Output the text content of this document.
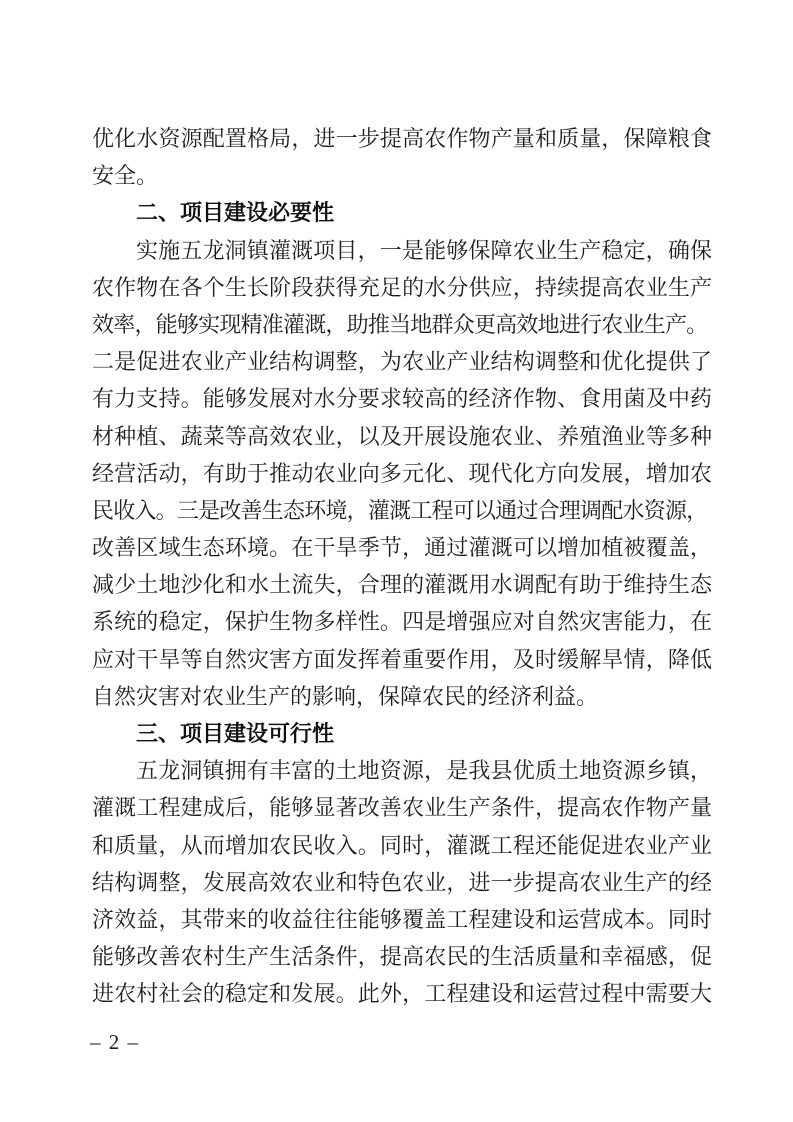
优化水资源配置格局，进一步提高农作物产量和质量，保障粮食
安全。
二、项目建设必要性
实施五龙洞镇灌溉项目，一是能够保障农业生产稳定，确保
农作物在各个生长阶段获得充足的水分供应，持续提高农业生产
效率，能够实现精准灌溉，助推当地群众更高效地进行农业生产。
二是促进农业产业结构调整，为农业产业结构调整和优化提供了
有力支持。能够发展对水分要求较高的经济作物、食用菌及中药
材种植、蔬菜等高效农业，以及开展设施农业、养殖渔业等多种
经营活动，有助于推动农业向多元化、现代化方向发展，增加农
民收入。三是改善生态环境，灌溉工程可以通过合理调配水资源，
改善区域生态环境。在干旱季节，通过灌溉可以增加植被覆盖，
减少土地沙化和水土流失，合理的灌溉用水调配有助于维持生态
系统的稳定，保护生物多样性。四是增强应对自然灾害能力，在
应对干旱等自然灾害方面发挥着重要作用，及时缓解旱情，降低
自然灾害对农业生产的影响，保障农民的经济利益。
三、项目建设可行性
五龙洞镇拥有丰富的土地资源，是我县优质土地资源乡镇，
灌溉工程建成后，能够显著改善农业生产条件，提高农作物产量
和质量，从而增加农民收入。同时，灌溉工程还能促进农业产业
结构调整，发展高效农业和特色农业，进一步提高农业生产的经
济效益，其带来的收益往往能够覆盖工程建设和运营成本。同时
能够改善农村生产生活条件，提高农民的生活质量和幸福感，促
进农村社会的稳定和发展。此外，工程建设和运营过程中需要大
– 2 –
